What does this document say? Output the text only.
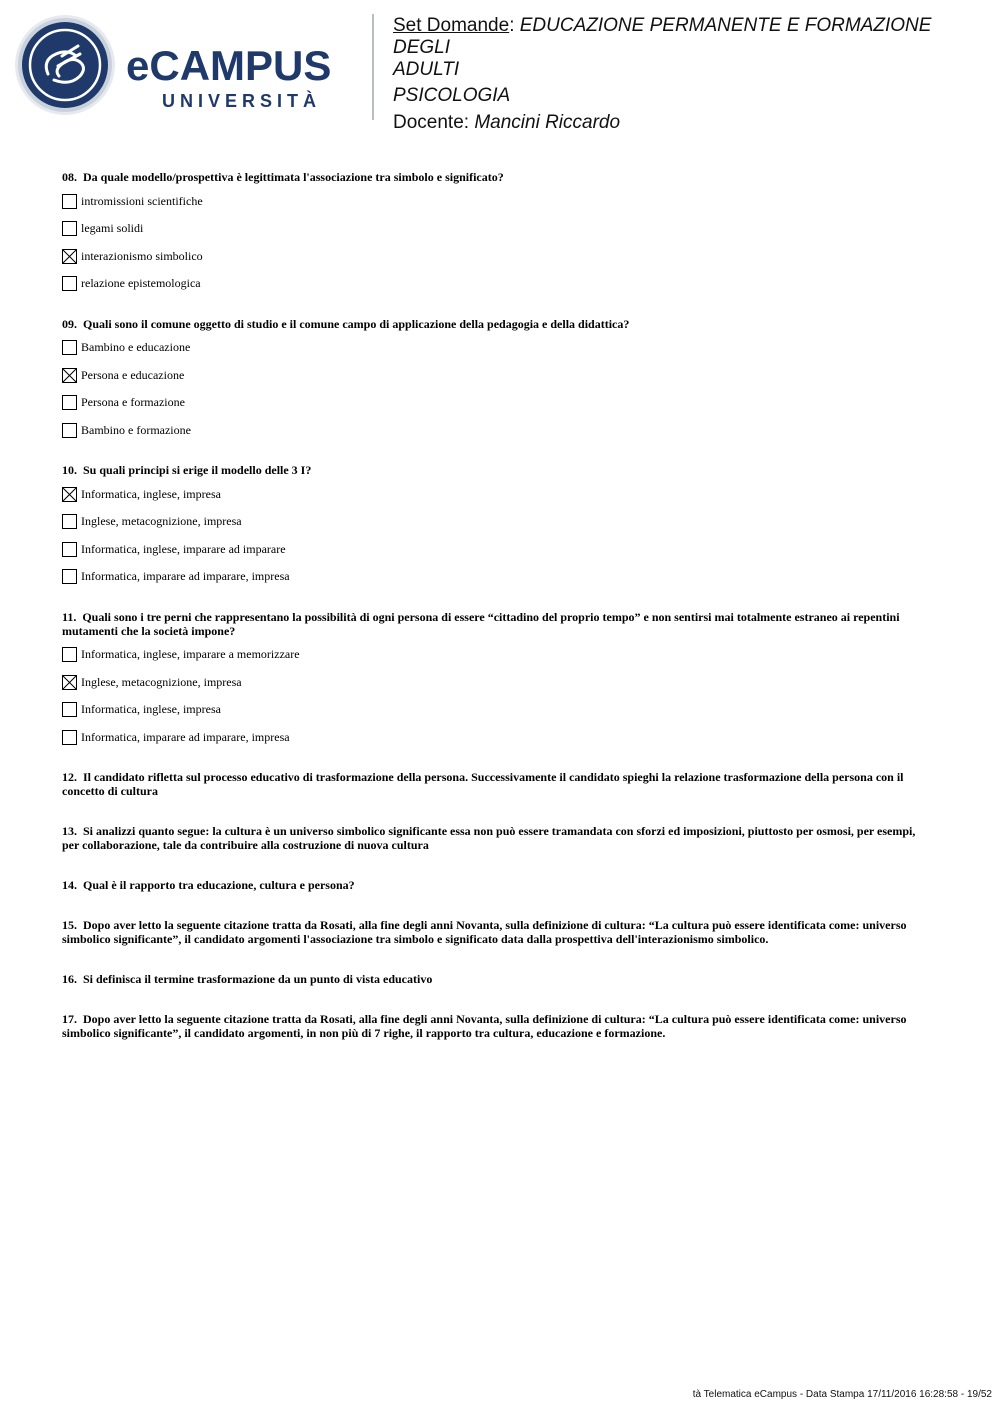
eCAMPUS
UNIVERSITÀ
Set Domande: EDUCAZIONE PERMANENTE E FORMAZIONE DEGLI
ADULTI
PSICOLOGIA
Docente: Mancini Riccardo
08. Da quale modello/prospettiva è legittimata l'associazione tra simbolo e significato?
intromissioni scientifiche
legami solidi
interazionismo simbolico
relazione epistemologica
09. Quali sono il comune oggetto di studio e il comune campo di applicazione della pedagogia e della didattica?
Bambino e educazione
Persona e educazione
Persona e formazione
Bambino e formazione
10. Su quali principi si erige il modello delle 3 I?
Informatica, inglese, impresa
Inglese, metacognizione, impresa
Informatica, inglese, imparare ad imparare
Informatica, imparare ad imparare, impresa
11. Quali sono i tre perni che rappresentano la possibilità di ogni persona di essere “cittadino del proprio tempo” e non sentirsi mai totalmente estraneo ai repentini mutamenti che la società impone?
Informatica, inglese, imparare a memorizzare
Inglese, metacognizione, impresa
Informatica, inglese, impresa
Informatica, imparare ad imparare, impresa
12. Il candidato rifletta sul processo educativo di trasformazione della persona. Successivamente il candidato spieghi la relazione trasformazione della persona con il concetto di cultura
13. Si analizzi quanto segue: la cultura è un universo simbolico significante essa non può essere tramandata con sforzi ed imposizioni, piuttosto per osmosi, per esempi, per collaborazione, tale da contribuire alla costruzione di nuova cultura
14. Qual è il rapporto tra educazione, cultura e persona?
15. Dopo aver letto la seguente citazione tratta da Rosati, alla fine degli anni Novanta, sulla definizione di cultura: “La cultura può essere identificata come: universo simbolico significante”, il candidato argomenti l'associazione tra simbolo e significato data dalla prospettiva dell'interazionismo simbolico.
16. Si definisca il termine trasformazione da un punto di vista educativo
17. Dopo aver letto la seguente citazione tratta da Rosati, alla fine degli anni Novanta, sulla definizione di cultura: “La cultura può essere identificata come: universo simbolico significante”, il candidato argomenti, in non più di 7 righe, il rapporto tra cultura, educazione e formazione.
tà Telematica eCampus - Data Stampa 17/11/2016 16:28:58 - 19/52
